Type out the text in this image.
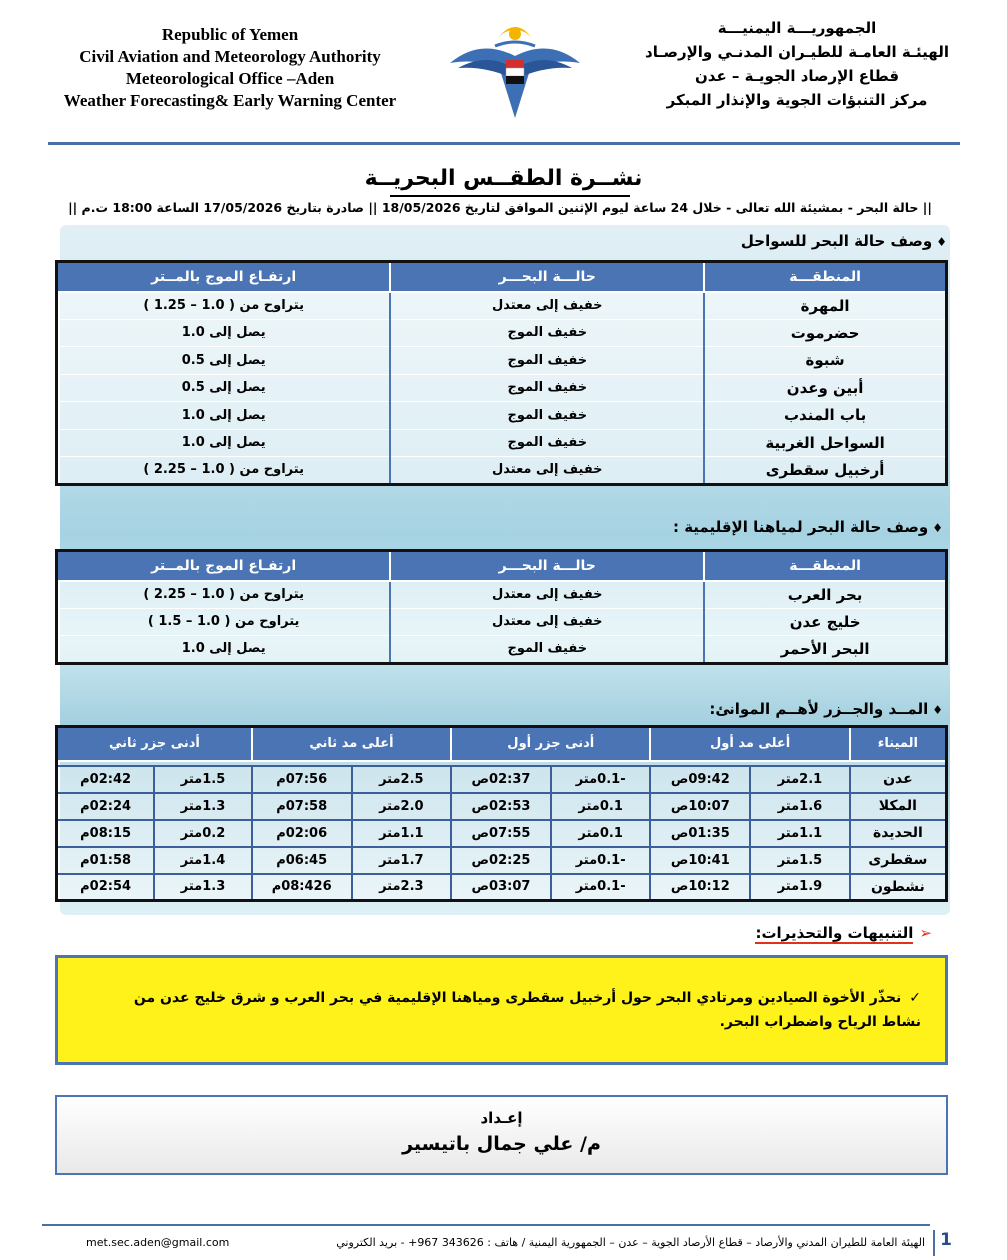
Republic of Yemen
Civil Aviation and Meteorology Authority
Meteorological Office –Aden
Weather Forecasting& Early Warning Center
الجمهوريـــة اليمنيـــة
الهيئـة العامـة للطيـران المدنـي والإرصـاد
قطاع الإرصاد الجويـة – عدن
مركز التنبؤات الجوية والإنذار المبكر
نشــرة الطقــس البحريــة
|| حالة البحر - بمشيئة الله تعالى - خلال 24 ساعة ليوم الإثنين الموافق لتاريخ 18/05/2026 || صادرة بتاريخ 17/05/2026 الساعة 18:00 ت.م ||
♦وصف حالة البحر للسواحل
المنطقـــة	حالـــة البحـــر	ارتفـاع الموج بالمــتر
المهرة	خفيف إلى معتدل	يتراوح من ( 1.0 – 1.25 )
حضرموت	خفيف الموج	يصل إلى 1.0
شبوة	خفيف الموج	يصل إلى 0.5
أبين وعدن	خفيف الموج	يصل إلى 0.5
باب المندب	خفيف الموج	يصل إلى 1.0
السواحل الغربية	خفيف الموج	يصل إلى 1.0
أرخبيل سقطرى	خفيف إلى معتدل	يتراوح من ( 1.0 – 2.25 )
♦وصف حالة البحر لمياهنا الإقليمية :
المنطقـــة	حالـــة البحـــر	ارتفـاع الموج بالمــتر
بحر العرب	خفيف إلى معتدل	يتراوح من ( 1.0 – 2.25 )
خليج عدن	خفيف إلى معتدل	يتراوح من ( 1.0 – 1.5 )
البحر الأحمر	خفيف الموج	يصل إلى 1.0
♦المــد والجــزر لأهــم الموانئ:
الميناء	أعلى مد أول		أدنى جزر أول		أعلى مد ثاني		أدنى جزر ثاني	

عدن	2.1متر	09:42ص	-0.1متر	02:37ص	2.5متر	07:56م	1.5متر	02:42م
المكلا	1.6متر	10:07ص	0.1متر	02:53ص	2.0متر	07:58م	1.3متر	02:24م
الحديدة	1.1متر	01:35ص	0.1متر	07:55ص	1.1متر	02:06م	0.2متر	08:15م
سقطرى	1.5متر	10:41ص	-0.1متر	02:25ص	1.7متر	06:45م	1.4متر	01:58م
نشطون	1.9متر	10:12ص	-0.1متر	03:07ص	2.3متر	08:426م	1.3متر	02:54م
➢التنبيهات والتحذيرات:
✓نحذّر الأخوة الصيادين ومرتادي البحر حول أرخبيل سقطرى ومياهنا الإقليمية في بحر العرب و شرق خليج عدن من نشاط الرياح واضطراب البحر.
إعـداد
م/ علي جمال باتيسير
الهيئة العامة للطيران المدني والأرصاد – قطاع الأرصاد الجوية – عدن – الجمهورية اليمنية / هاتف : 343626 967+ - بريد الكتروني
met.sec.aden@gmail.com	1
